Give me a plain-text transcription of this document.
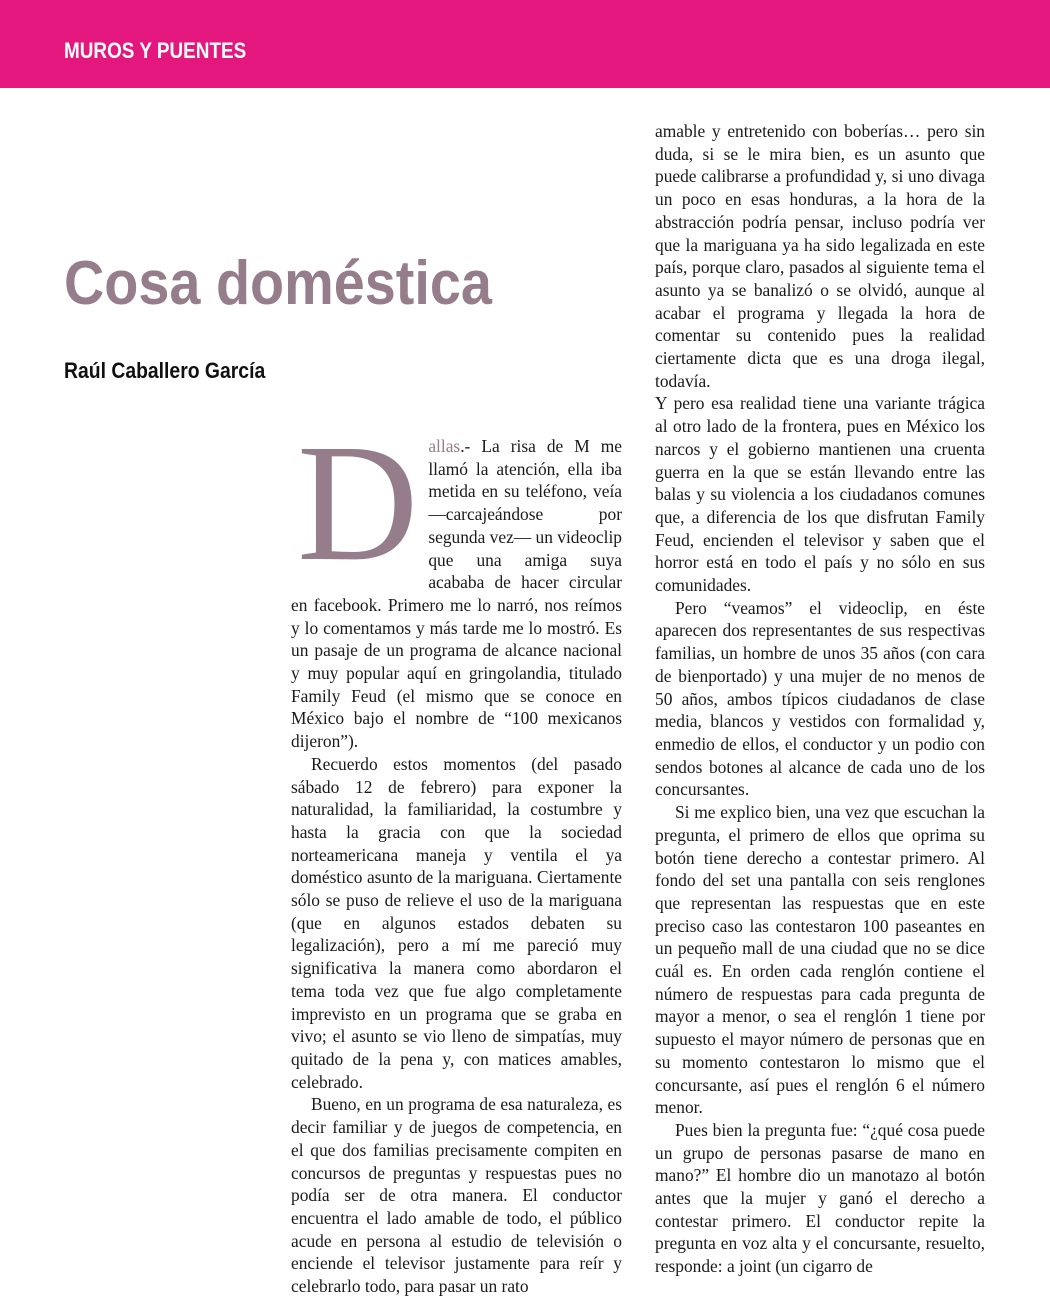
MUROS Y PUENTES
Cosa doméstica
Raúl Caballero García

Dallas.- La risa de M me llamó la atención, ella iba metida en su teléfono, veía —carcajeándose por segunda vez— un videoclip que una amiga suya acababa de hacer circular en facebook. Primero me lo narró, nos reímos y lo comentamos y más tarde me lo mostró. Es un pasaje de un programa de alcance nacional y muy popular aquí en gringolandia, titulado Family Feud (el mismo que se conoce en México bajo el nombre de “100 mexicanos dijeron”).

Recuerdo estos momentos (del pasado sábado 12 de febrero) para exponer la naturalidad, la familiaridad, la costumbre y hasta la gracia con que la sociedad norteamericana maneja y ventila el ya doméstico asunto de la mariguana. Ciertamente sólo se puso de relieve el uso de la mariguana (que en algunos estados debaten su legalización), pero a mí me pareció muy significativa la manera como abordaron el tema toda vez que fue algo completamente imprevisto en un programa que se graba en vivo; el asunto se vio lleno de simpatías, muy quitado de la pena y, con matices amables, celebrado.

Bueno, en un programa de esa naturaleza, es decir familiar y de juegos de competencia, en el que dos familias precisamente compiten en concursos de preguntas y respuestas pues no podía ser de otra manera. El conductor encuentra el lado amable de todo, el público acude en persona al estudio de televisión o enciende el televisor justamente para reír y celebrarlo todo, para pasar un rato

amable y entretenido con boberías… pero sin duda, si se le mira bien, es un asunto que puede calibrarse a profundidad y, si uno divaga un poco en esas honduras, a la hora de la abstracción podría pensar, incluso podría ver que la mariguana ya ha sido legalizada en este país, porque claro, pasados al siguiente tema el asunto ya se banalizó o se olvidó, aunque al acabar el programa y llegada la hora de comentar su contenido pues la realidad ciertamente dicta que es una droga ilegal, todavía.

Y pero esa realidad tiene una variante trágica al otro lado de la frontera, pues en México los narcos y el gobierno mantienen una cruenta guerra en la que se están llevando entre las balas y su violencia a los ciudadanos comunes que, a diferencia de los que disfrutan Family Feud, encienden el televisor y saben que el horror está en todo el país y no sólo en sus comunidades.

Pero “veamos” el videoclip, en éste aparecen dos representantes de sus respectivas familias, un hombre de unos 35 años (con cara de bienportado) y una mujer de no menos de 50 años, ambos típicos ciudadanos de clase media, blancos y vestidos con formalidad y, enmedio de ellos, el conductor y un podio con sendos botones al alcance de cada uno de los concursantes.

Si me explico bien, una vez que escuchan la pregunta, el primero de ellos que oprima su botón tiene derecho a contestar primero. Al fondo del set una pantalla con seis renglones que representan las respuestas que en este preciso caso las contestaron 100 paseantes en un pequeño mall de una ciudad que no se dice cuál es. En orden cada renglón contiene el número de respuestas para cada pregunta de mayor a menor, o sea el renglón 1 tiene por supuesto el mayor número de personas que en su momento contestaron lo mismo que el concursante, así pues el renglón 6 el número menor.

Pues bien la pregunta fue: “¿qué cosa puede un grupo de personas pasarse de mano en mano?” El hombre dio un manotazo al botón antes que la mujer y ganó el derecho a contestar primero. El conductor repite la pregunta en voz alta y el concursante, resuelto, responde: a joint (un cigarro de
